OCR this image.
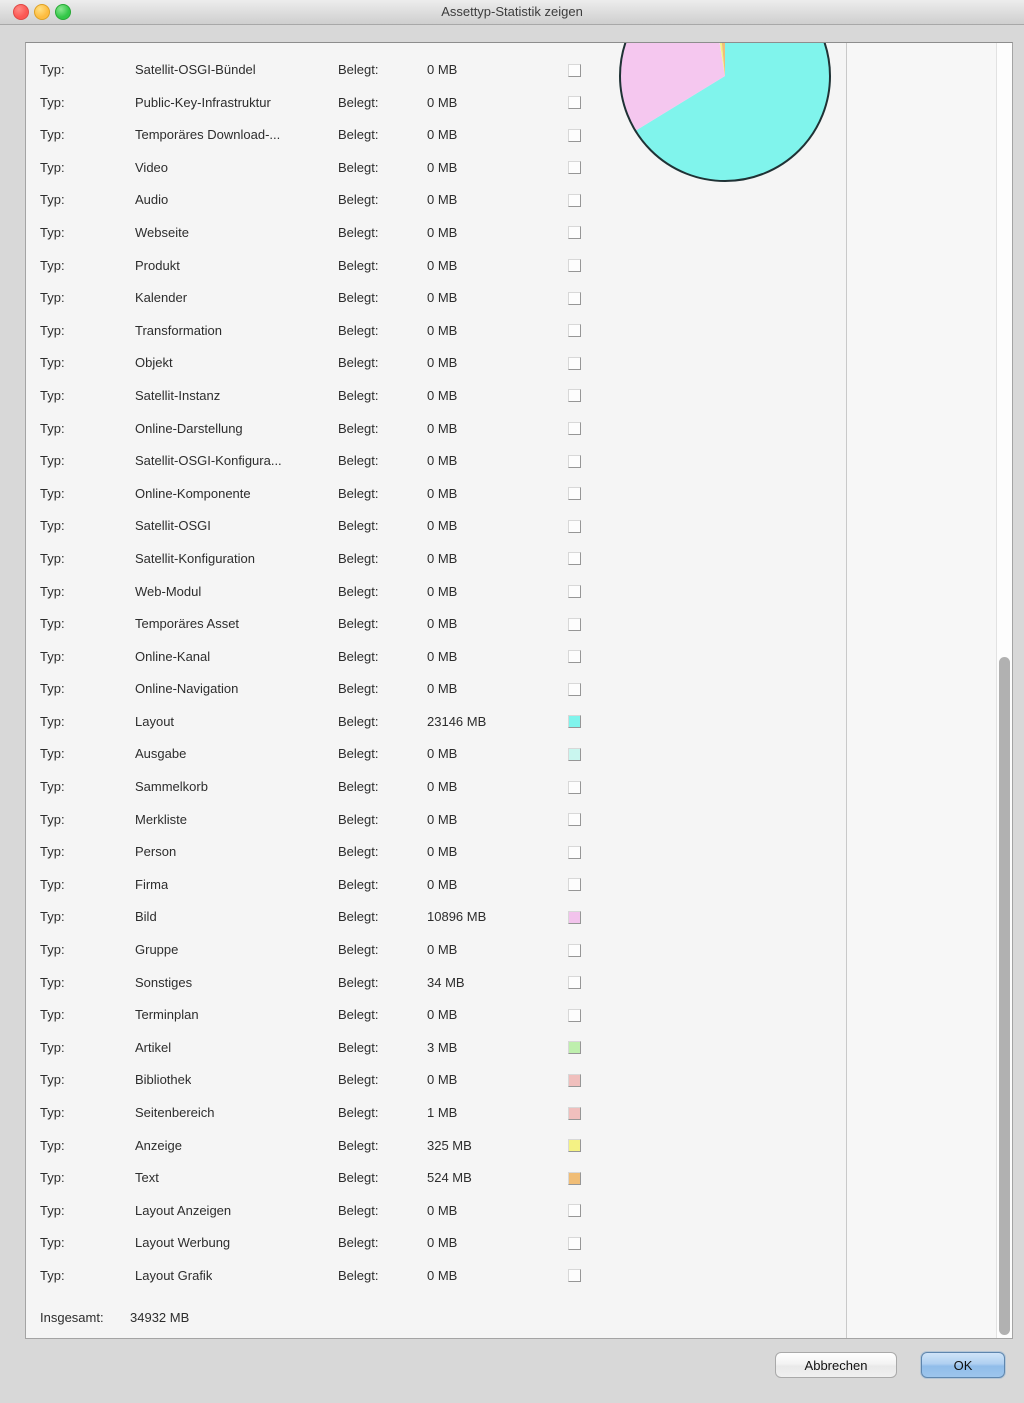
Assettyp-Statistik zeigen
Typ:	Satellit-OSGI-Bündel	Belegt:	0 MB
Typ:	Public-Key-Infrastruktur	Belegt:	0 MB
Typ:	Temporäres Download-...	Belegt:	0 MB
Typ:	Video	Belegt:	0 MB
Typ:	Audio	Belegt:	0 MB
Typ:	Webseite	Belegt:	0 MB
Typ:	Produkt	Belegt:	0 MB
Typ:	Kalender	Belegt:	0 MB
Typ:	Transformation	Belegt:	0 MB
Typ:	Objekt	Belegt:	0 MB
Typ:	Satellit-Instanz	Belegt:	0 MB
Typ:	Online-Darstellung	Belegt:	0 MB
Typ:	Satellit-OSGI-Konfigura...	Belegt:	0 MB
Typ:	Online-Komponente	Belegt:	0 MB
Typ:	Satellit-OSGI	Belegt:	0 MB
Typ:	Satellit-Konfiguration	Belegt:	0 MB
Typ:	Web-Modul	Belegt:	0 MB
Typ:	Temporäres Asset	Belegt:	0 MB
Typ:	Online-Kanal	Belegt:	0 MB
Typ:	Online-Navigation	Belegt:	0 MB
Typ:	Layout	Belegt:	23146 MB
Typ:	Ausgabe	Belegt:	0 MB
Typ:	Sammelkorb	Belegt:	0 MB
Typ:	Merkliste	Belegt:	0 MB
Typ:	Person	Belegt:	0 MB
Typ:	Firma	Belegt:	0 MB
Typ:	Bild	Belegt:	10896 MB
Typ:	Gruppe	Belegt:	0 MB
Typ:	Sonstiges	Belegt:	34 MB
Typ:	Terminplan	Belegt:	0 MB
Typ:	Artikel	Belegt:	3 MB
Typ:	Bibliothek	Belegt:	0 MB
Typ:	Seitenbereich	Belegt:	1 MB
Typ:	Anzeige	Belegt:	325 MB
Typ:	Text	Belegt:	524 MB
Typ:	Layout Anzeigen	Belegt:	0 MB
Typ:	Layout Werbung	Belegt:	0 MB
Typ:	Layout Grafik	Belegt:	0 MB
Insgesamt: 34932 MB
Abbrechen	OK
